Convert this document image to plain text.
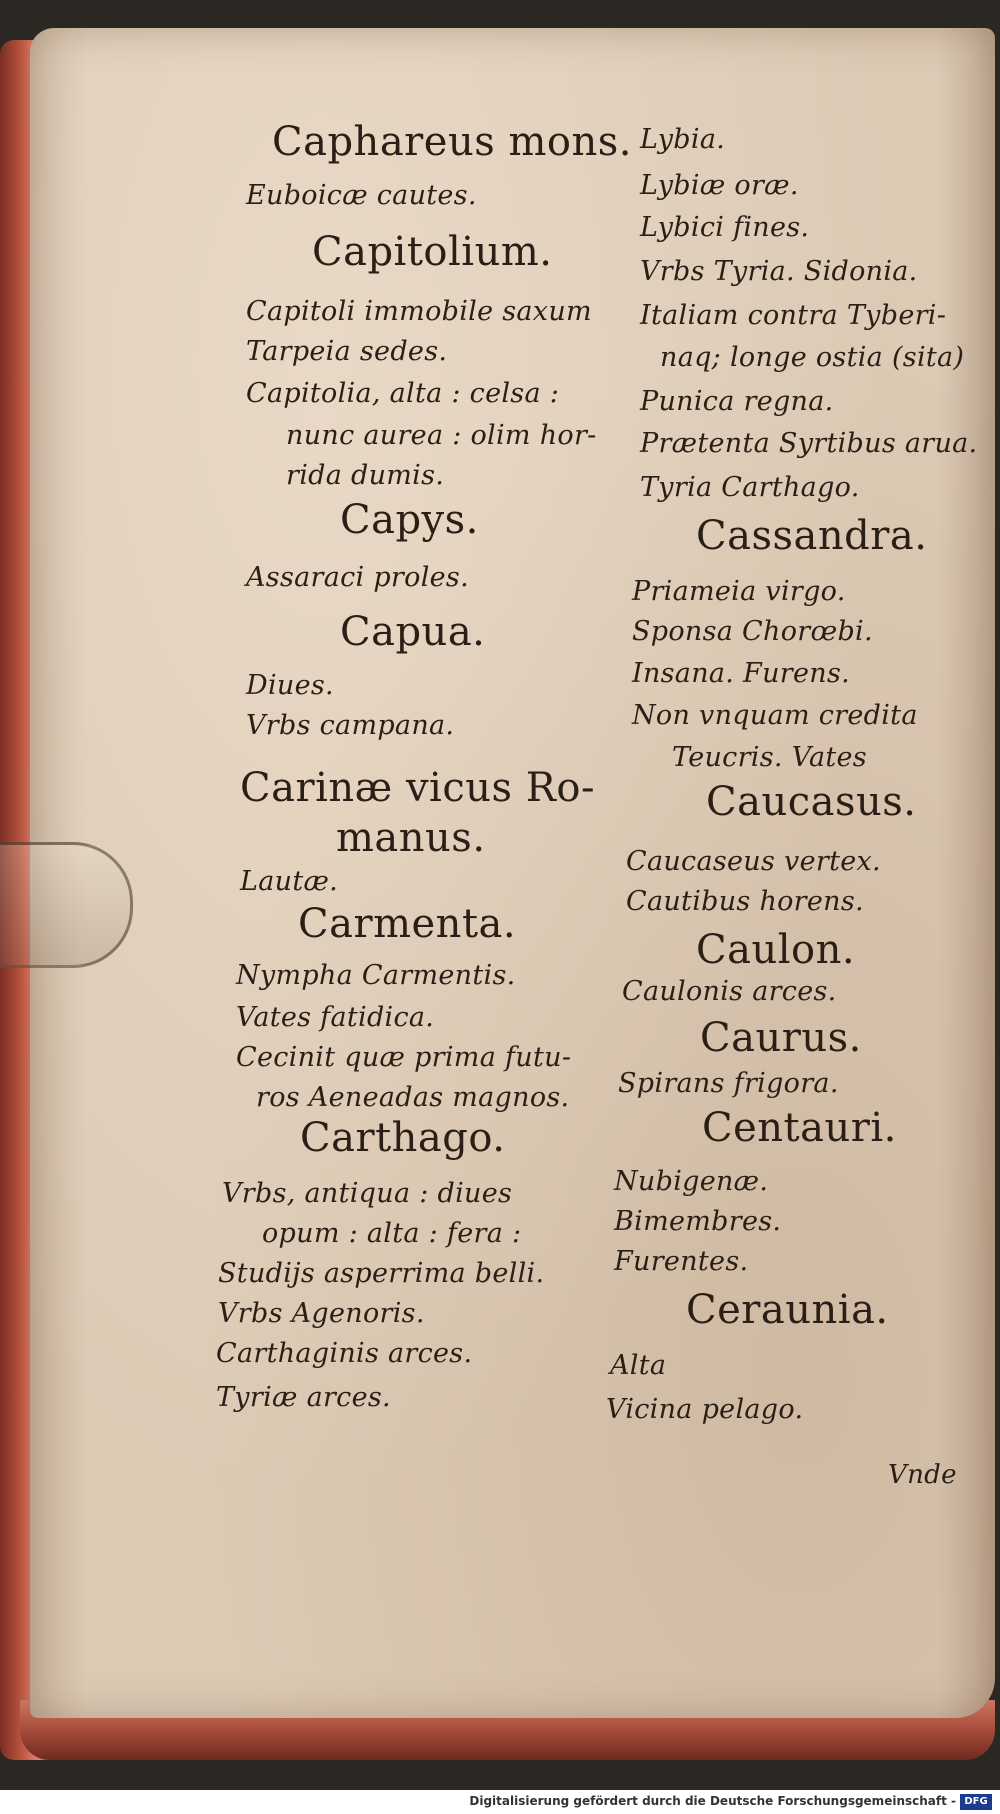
Caphareus mons.
Euboicæ cautes.
Capitolium.
Capitoli immobile saxum
Tarpeia sedes.
Capitolia, alta : celsa :
nunc aurea : olim hor-
rida dumis.
Capys.
Assaraci proles.
Capua.
Diues.
Vrbs campana.
Carinæ vicus Ro-
manus.
Lautæ.
Carmenta.
Nympha Carmentis.
Vates fatidica.
Cecinit quæ prima futu-
ros Aeneadas magnos.
Carthago.
Vrbs, antiqua : diues
opum : alta : fera :
Studijs asperrima belli.
Vrbs Agenoris.
Carthaginis arces.
Tyriæ arces.
Lybia.
Lybiæ oræ.
Lybici fines.
Vrbs Tyria. Sidonia.
Italiam contra Tyberi-
naq; longe ostia (sita)
Punica regna.
Prætenta Syrtibus arua.
Tyria Carthago.
Cassandra.
Priameia virgo.
Sponsa Chorœbi.
Insana. Furens.
Non vnquam credita
Teucris. Vates
Caucasus.
Caucaseus vertex.
Cautibus horens.
Caulon.
Caulonis arces.
Caurus.
Spirans frigora.
Centauri.
Nubigenæ.
Bimembres.
Furentes.
Ceraunia.
Alta
Vicina pelago.
Vnde
Digitalisierung gefördert durch die Deutsche Forschungsgemeinschaft - DFG
